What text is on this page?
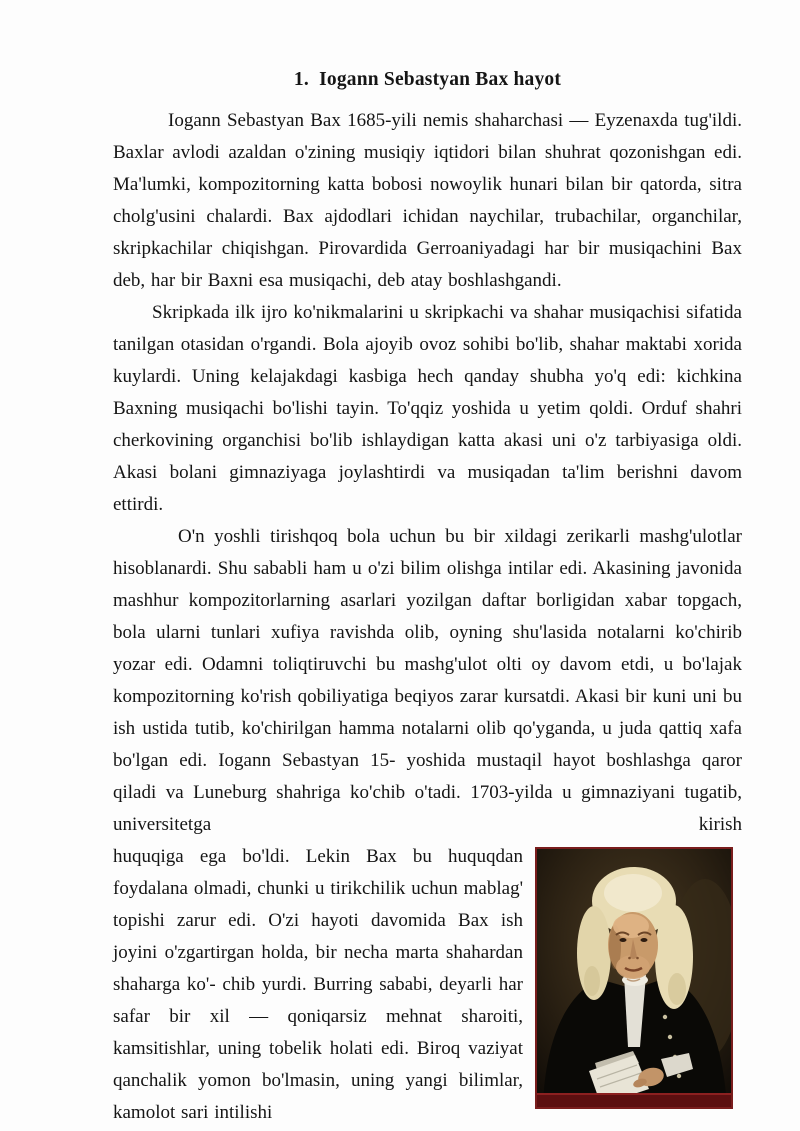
1.  Iogann Sebastyan Bax hayot

Iogann Sebastyan Bax 1685-yili nemis shaharchasi — Eyzenaxda tug'ildi. Baxlar avlodi azaldan o'zining musiqiy iqtidori bilan shuhrat qozonishgan edi. Ma'lumki, kompozitorning katta bobosi nowoylik hunari bilan bir qatorda, sitra cholg'usini chalardi. Bax ajdodlari ichidan naychilar, trubachilar, organchilar, skripkachilar chiqishgan. Pirovardida Gerroaniyadagi har bir musiqachini Bax deb, har bir Baxni esa musiqachi, deb atay boshlashgandi.

Skripkada ilk ijro ko'nikmalarini u skripkachi va shahar musiqachisi sifatida tanilgan otasidan o'rgandi. Bola ajoyib ovoz sohibi bo'lib, shahar maktabi xorida kuylardi. Uning kelajakdagi kasbiga hech qanday shubha yo'q edi: kichkina Baxning musiqachi bo'lishi tayin. To'qqiz yoshida u yetim qoldi. Orduf shahri cherkovining organchisi bo'lib ishlaydigan katta akasi uni o'z tarbiyasiga oldi. Akasi bolani gimnaziyaga joylashtirdi va musiqadan ta'lim berishni davom ettirdi.

O'n yoshli tirishqoq bola uchun bu bir xildagi zerikarli mashg'ulotlar hisoblanardi. Shu sababli ham u o'zi bilim olishga intilar edi. Akasining javonida mashhur kompozitorlarning asarlari yozilgan daftar borligidan xabar topgach, bola ularni tunlari xufiya ravishda olib, oyning shu'lasida notalarni ko'chirib yozar edi. Odamni toliqtiruvchi bu mashg'ulot olti oy davom etdi, u bo'lajak kompozitorning ko'rish qobiliyatiga beqiyos zarar kursatdi. Akasi bir kuni uni bu ish ustida tutib, ko'chirilgan hamma notalarni olib qo'yganda, u juda qattiq xafa bo'lgan edi. Iogann Sebastyan 15- yoshida mustaqil hayot boshlashga qaror qiladi va Luneburg shahriga ko'chib o'tadi. 1703-yilda u gimnaziyani tugatib, universitetga kirish

huquqiga ega bo'ldi. Lekin Bax bu huquqdan foydalana olmadi, chunki u tirikchilik uchun mablag' topishi zarur edi. O'zi hayoti davomida Bax ish joyini o'zgartirgan holda, bir necha marta shahardan shaharga ko'- chib yurdi. Burring sababi, deyarli har safar bir xil — qoniqarsiz mehnat sharoiti, kamsitishlar, uning tobelik holati edi. Biroq vaziyat qanchalik yomon bo'lmasin, uning yangi bilimlar, kamolot sari intilishi
